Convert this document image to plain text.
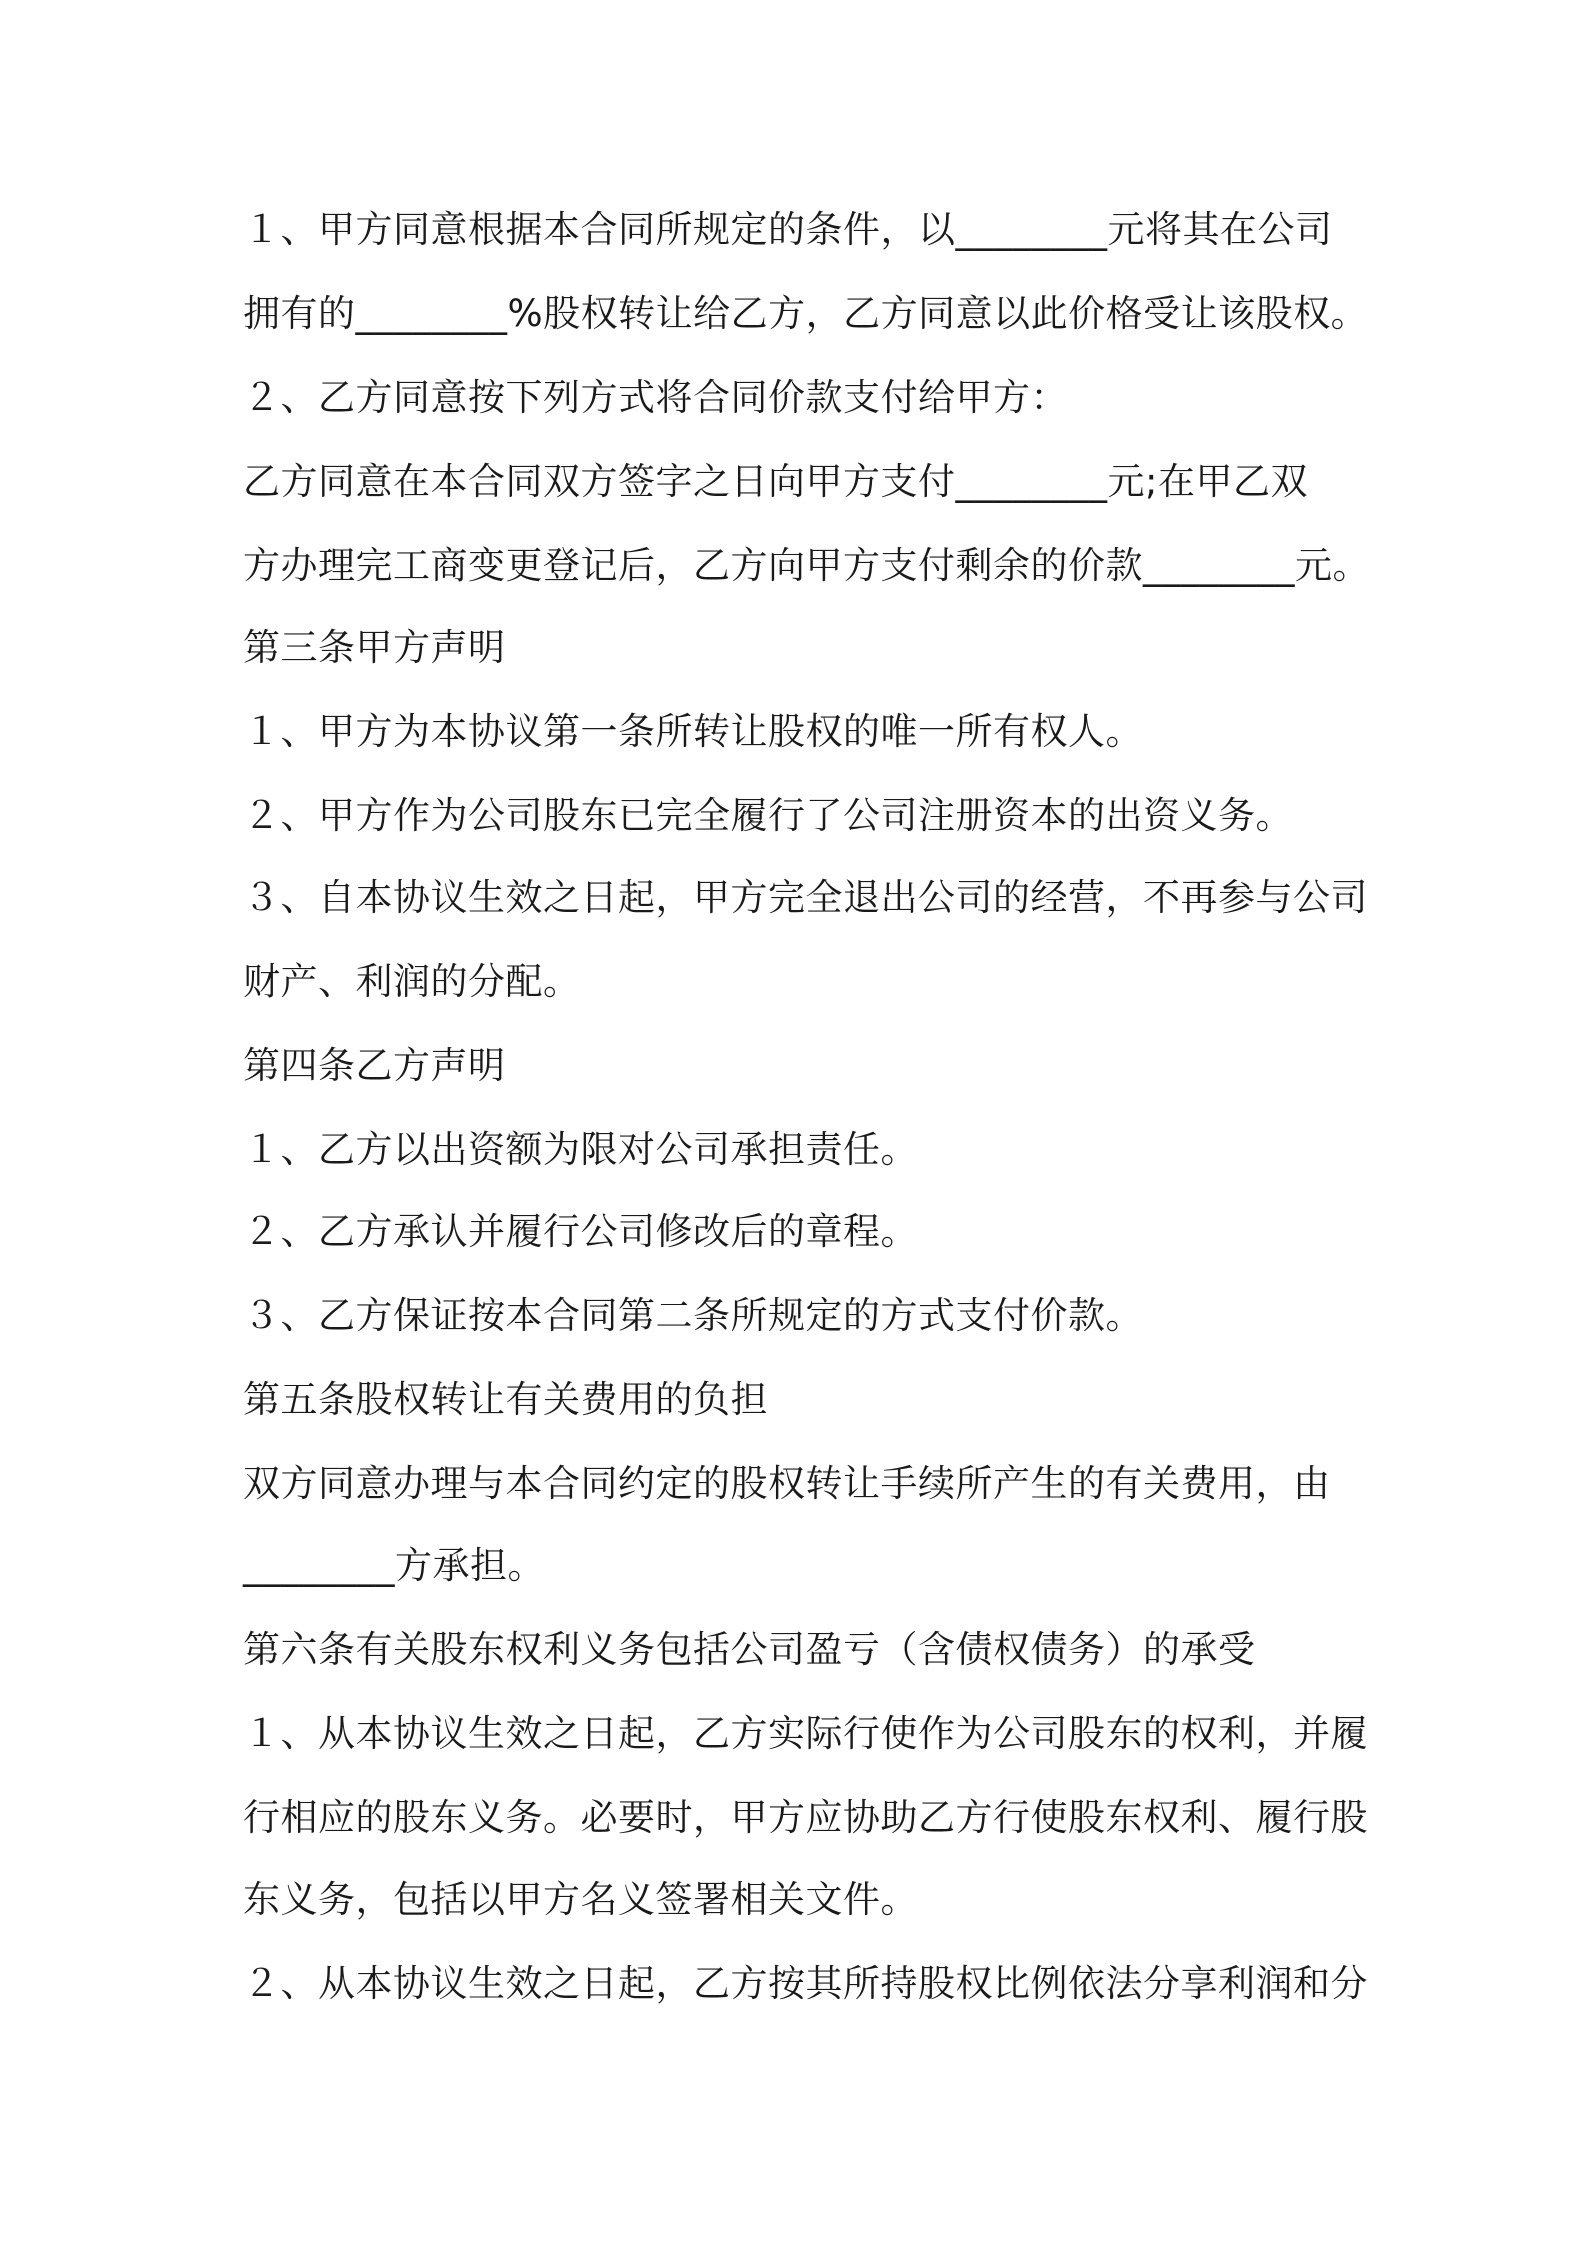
１、甲方同意根据本合同所规定的条件，以________元将其在公司

拥有的________%股权转让给乙方，乙方同意以此价格受让该股权。

２、乙方同意按下列方式将合同价款支付给甲方：

乙方同意在本合同双方签字之日向甲方支付________元;在甲乙双

方办理完工商变更登记后，乙方向甲方支付剩余的价款________元。

第三条甲方声明

１、甲方为本协议第一条所转让股权的唯一所有权人。

２、甲方作为公司股东已完全履行了公司注册资本的出资义务。

３、自本协议生效之日起，甲方完全退出公司的经营，不再参与公司

财产、利润的分配。

第四条乙方声明

１、乙方以出资额为限对公司承担责任。

２、乙方承认并履行公司修改后的章程。

３、乙方保证按本合同第二条所规定的方式支付价款。

第五条股权转让有关费用的负担

双方同意办理与本合同约定的股权转让手续所产生的有关费用，由

________方承担。

第六条有关股东权利义务包括公司盈亏（含债权债务）的承受

１、从本协议生效之日起，乙方实际行使作为公司股东的权利，并履

行相应的股东义务。必要时，甲方应协助乙方行使股东权利、履行股

东义务，包括以甲方名义签署相关文件。

２、从本协议生效之日起，乙方按其所持股权比例依法分享利润和分
